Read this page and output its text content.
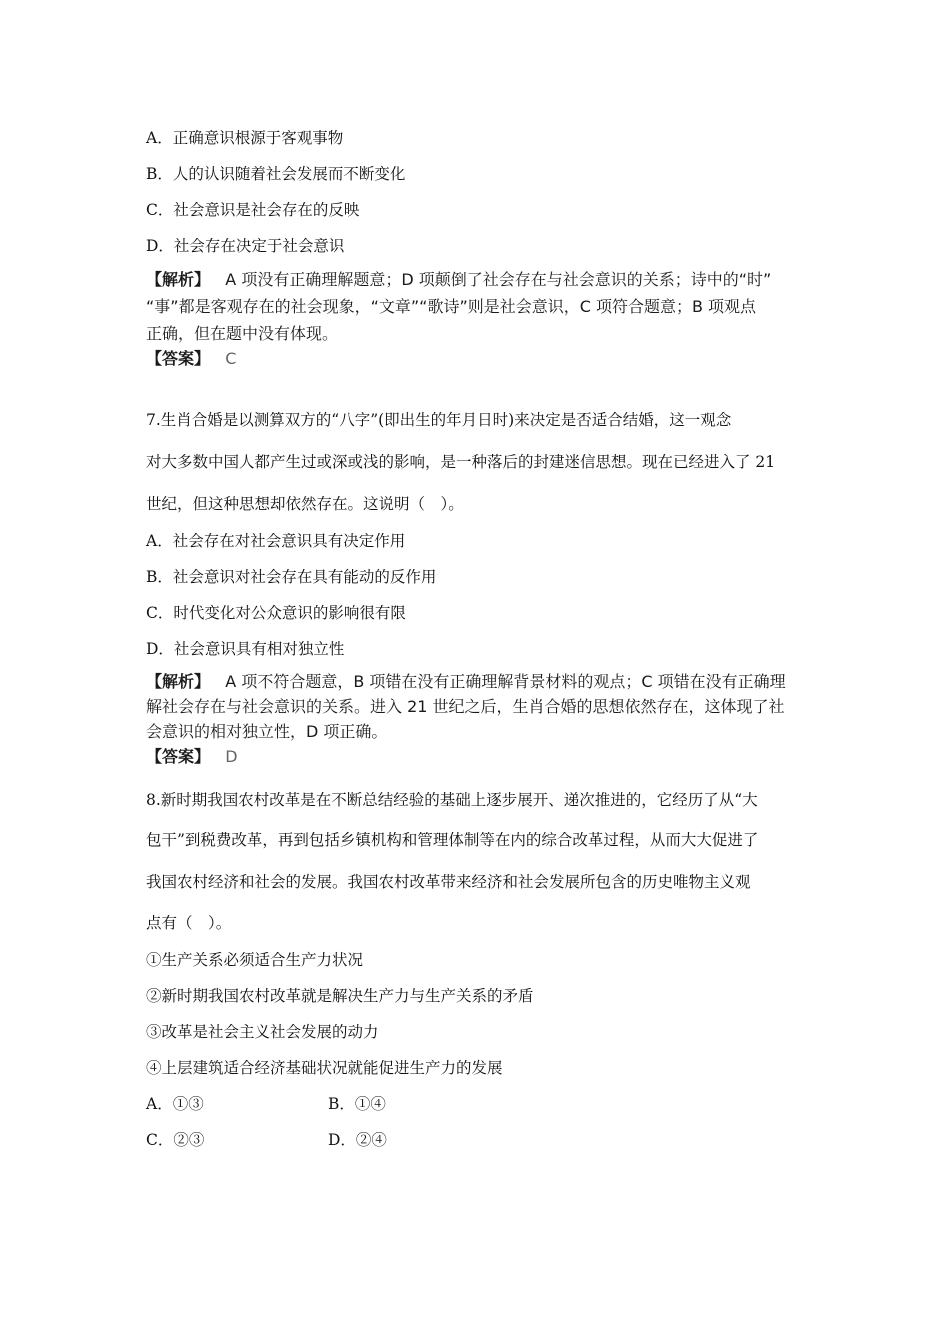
A．正确意识根源于客观事物
B．人的认识随着社会发展而不断变化
C．社会意识是社会存在的反映
D．社会存在决定于社会意识
【解析】 A 项没有正确理解题意；D 项颠倒了社会存在与社会意识的关系；诗中的“时”
“事”都是客观存在的社会现象，“文章”“歌诗”则是社会意识，C 项符合题意；B 项观点
正确，但在题中没有体现。
【答案】 C
7.生肖合婚是以测算双方的“八字”(即出生的年月日时)来决定是否适合结婚，这一观念
对大多数中国人都产生过或深或浅的影响，是一种落后的封建迷信思想。现在已经进入了 21
世纪，但这种思想却依然存在。这说明（　）。
A．社会存在对社会意识具有决定作用
B．社会意识对社会存在具有能动的反作用
C．时代变化对公众意识的影响很有限
D．社会意识具有相对独立性
【解析】 A 项不符合题意，B 项错在没有正确理解背景材料的观点；C 项错在没有正确理
解社会存在与社会意识的关系。进入 21 世纪之后，生肖合婚的思想依然存在，这体现了社
会意识的相对独立性，D 项正确。
【答案】 D
8.新时期我国农村改革是在不断总结经验的基础上逐步展开、递次推进的，它经历了从“大
包干”到税费改革，再到包括乡镇机构和管理体制等在内的综合改革过程，从而大大促进了
我国农村经济和社会的发展。我国农村改革带来经济和社会发展所包含的历史唯物主义观
点有（　）。
①生产关系必须适合生产力状况
②新时期我国农村改革就是解决生产力与生产关系的矛盾
③改革是社会主义社会发展的动力
④上层建筑适合经济基础状况就能促进生产力的发展
A．①③	B．①④
C．②③	D．②④
